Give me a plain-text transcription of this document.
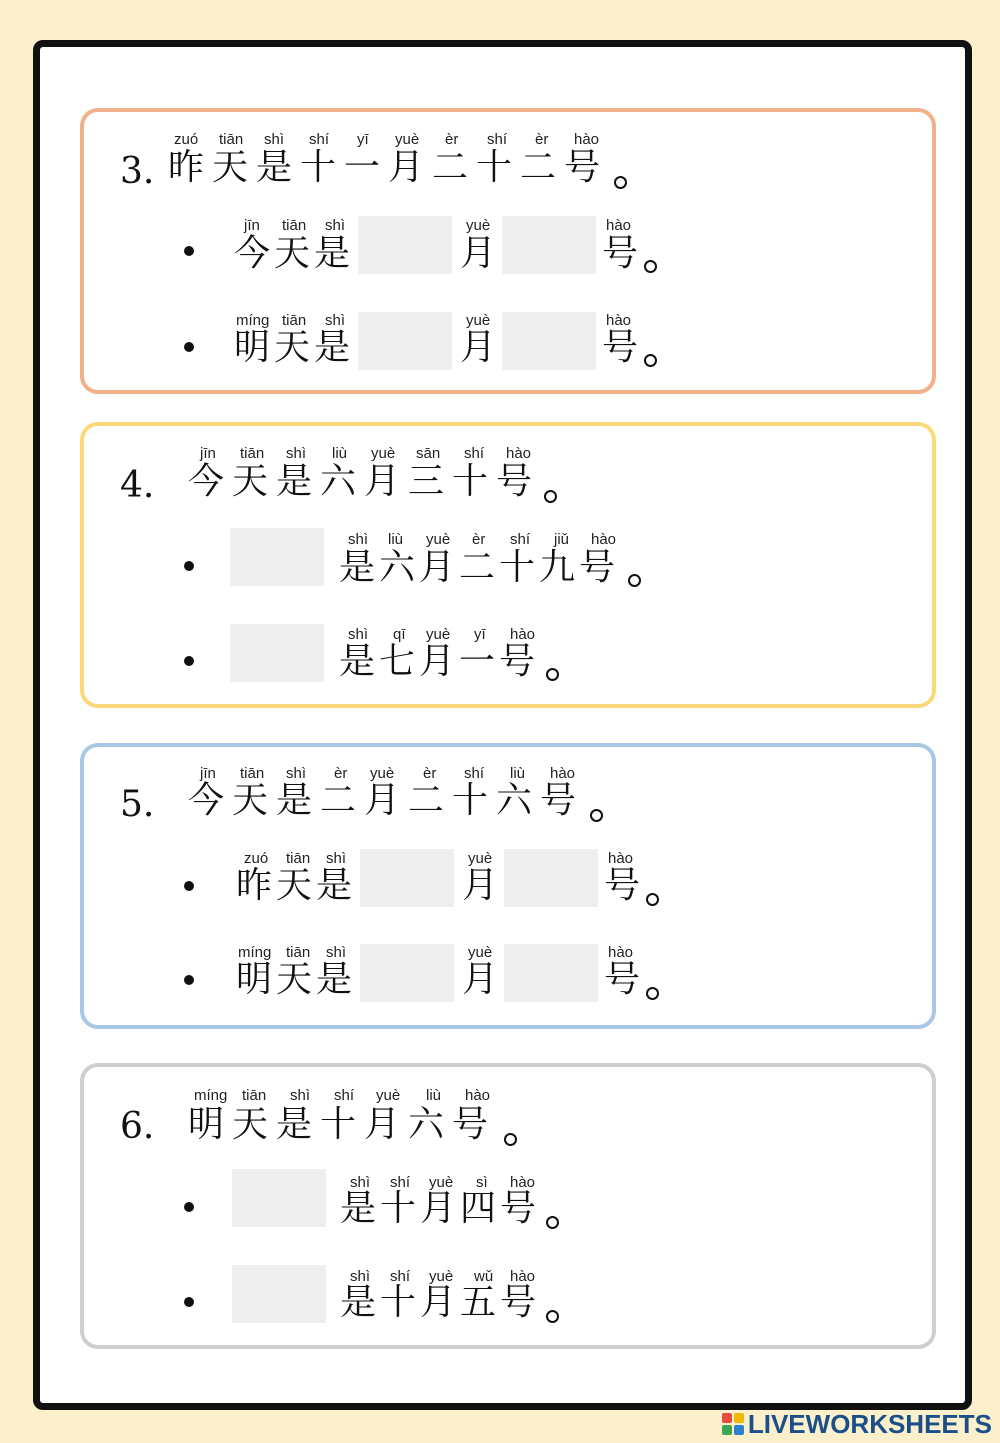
3.
zuó tiān shì shí yī yuè èr shí èr hào
昨天是十一月二十二号
jīn tiān shì
今天是
yuè
月
hào
号
míng tiān shì
明天是
yuè
月
hào
号
4.
jīn tiān shì liù yuè sān shí hào
今天是六月三十号
shì liù yuè èr shí jiǔ hào
是六月二十九号
shì qī yuè yī hào
是七月一号
5.
jīn tiān shì èr yuè èr shí liù hào
今天是二月二十六号
zuó tiān shì
昨天是
yuè
月
hào
号
míng tiān shì
明天是
yuè
月
hào
号
6.
míng tiān shì shí yuè liù hào
明天是十月六号
shì shí yuè sì hào
是十月四号
shì shí yuè wǔ hào
是十月五号
LIVEWORKSHEETS
